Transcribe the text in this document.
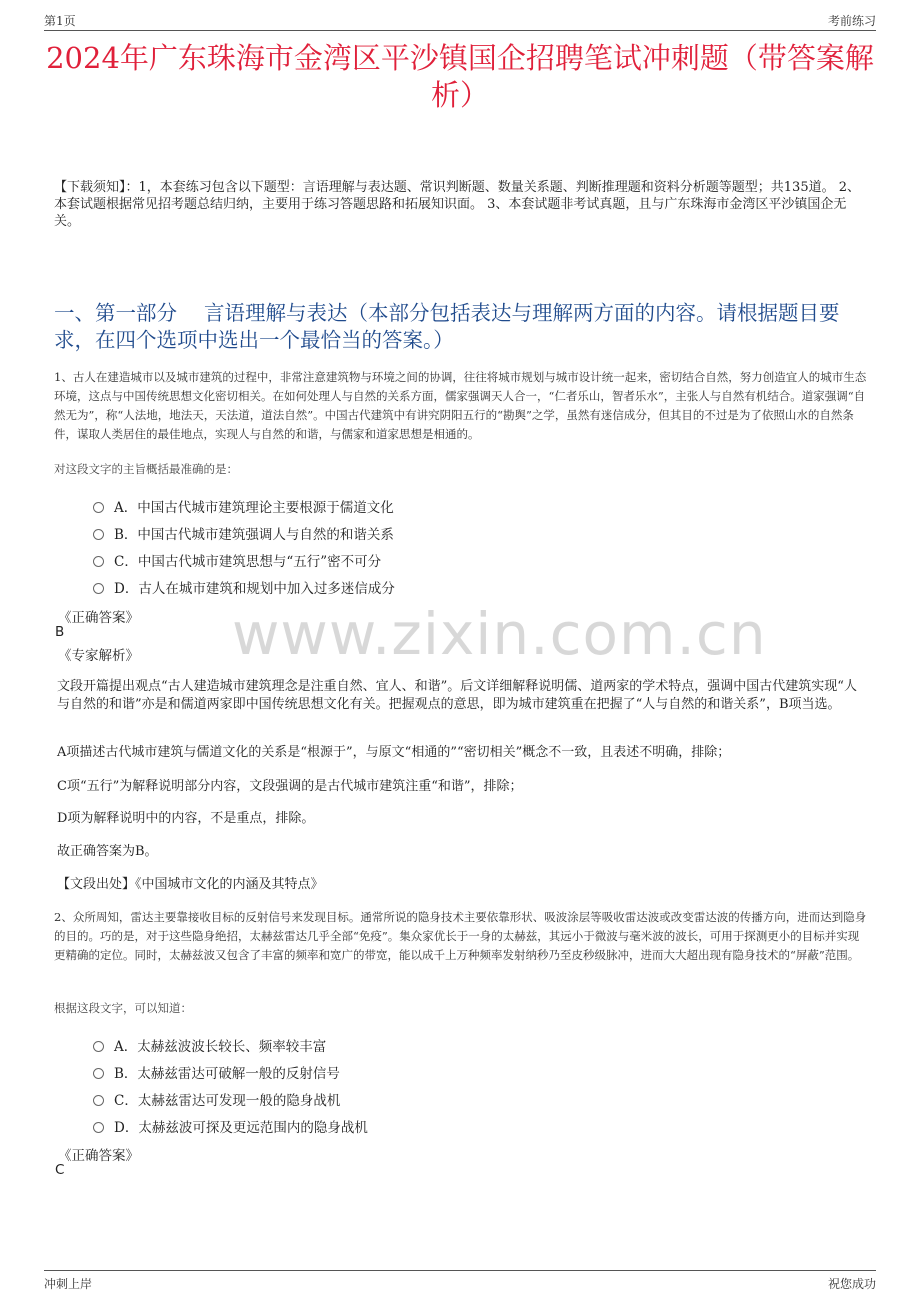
第1页	考前练习
www.zixin.com.cn
2024年广东珠海市金湾区平沙镇国企招聘笔试冲刺题（带答案解析）
【下载须知】：1，本套练习包含以下题型：言语理解与表达题、常识判断题、数量关系题、判断推理题和资料分析题等题型；共135道。 2、本套试题根据常见招考题总结归纳，主要用于练习答题思路和拓展知识面。 3、本套试题非考试真题，且与广东珠海市金湾区平沙镇国企无关。
一、第一部分　 言语理解与表达（本部分包括表达与理解两方面的内容。请根据题目要求，在四个选项中选出一个最恰当的答案。）
1、古人在建造城市以及城市建筑的过程中，非常注意建筑物与环境之间的协调，往往将城市规划与城市设计统一起来，密切结合自然，努力创造宜人的城市生态环境，这点与中国传统思想文化密切相关。在如何处理人与自然的关系方面，儒家强调天人合一，“仁者乐山，智者乐水”，主张人与自然有机结合。道家强调“自然无为”，称“人法地，地法天，天法道，道法自然”。中国古代建筑中有讲究阴阳五行的“勘舆”之学，虽然有迷信成分，但其目的不过是为了依照山水的自然条件，谋取人类居住的最佳地点，实现人与自然的和谐，与儒家和道家思想是相通的。
对这段文字的主旨概括最准确的是：
A．中国古代城市建筑理论主要根源于儒道文化
B．中国古代城市建筑强调人与自然的和谐关系
C．中国古代城市建筑思想与“五行”密不可分
D．古人在城市建筑和规划中加入过多迷信成分
《正确答案》
B
《专家解析》
文段开篇提出观点“古人建造城市建筑理念是注重自然、宜人、和谐”。后文详细解释说明儒、道两家的学术特点，强调中国古代建筑实现“人与自然的和谐”亦是和儒道两家即中国传统思想文化有关。把握观点的意思，即为城市建筑重在把握了“人与自然的和谐关系”，B项当选。
A项描述古代城市建筑与儒道文化的关系是“根源于”，与原文“相通的”“密切相关”概念不一致，且表述不明确，排除；
C项“五行”为解释说明部分内容，文段强调的是古代城市建筑注重“和谐”，排除；
D项为解释说明中的内容，不是重点，排除。
故正确答案为B。
【文段出处】《中国城市文化的内涵及其特点》
2、众所周知，雷达主要靠接收目标的反射信号来发现目标。通常所说的隐身技术主要依靠形状、吸波涂层等吸收雷达波或改变雷达波的传播方向，进而达到隐身的目的。巧的是，对于这些隐身绝招，太赫兹雷达几乎全部“免疫”。集众家优长于一身的太赫兹，其远小于微波与毫米波的波长，可用于探测更小的目标并实现更精确的定位。同时，太赫兹波又包含了丰富的频率和宽广的带宽，能以成千上万种频率发射纳秒乃至皮秒级脉冲，进而大大超出现有隐身技术的“屏蔽”范围。
根据这段文字，可以知道：
A．太赫兹波波长较长、频率较丰富
B．太赫兹雷达可破解一般的反射信号
C．太赫兹雷达可发现一般的隐身战机
D．太赫兹波可探及更远范围内的隐身战机
《正确答案》
C
冲刺上岸	祝您成功
